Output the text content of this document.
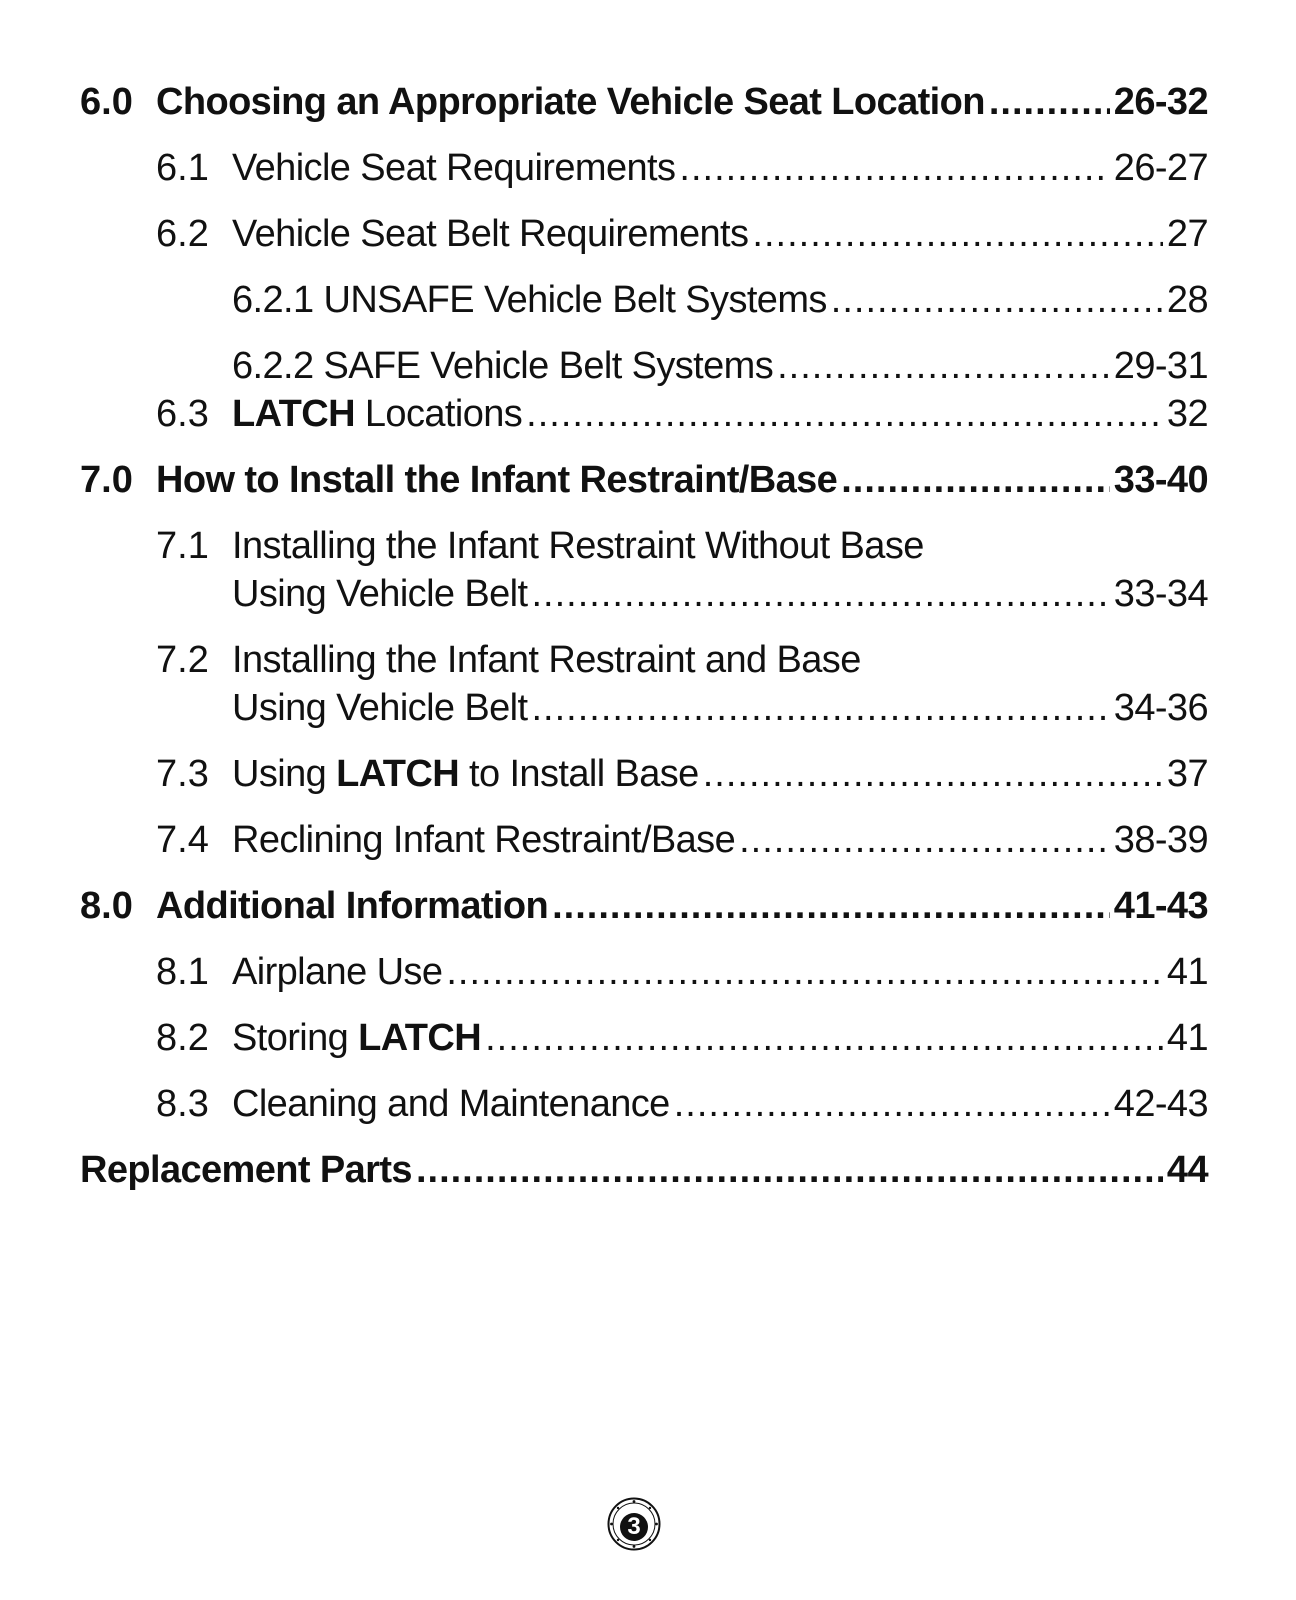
6.0 Choosing an Appropriate Vehicle Seat Location .....	26-32
6.1 Vehicle Seat Requirements .....	26-27
6.2 Vehicle Seat Belt Requirements .....	27
6.2.1 UNSAFE Vehicle Belt Systems .....	28
6.2.2 SAFE Vehicle Belt Systems .....	29-31
6.3 LATCH Locations .....	32
7.0 How to Install the Infant Restraint/Base .....	33-40
7.1 Installing the Infant Restraint Without Base
Using Vehicle Belt .....	33-34
7.2 Installing the Infant Restraint and Base
Using Vehicle Belt .....	34-36
7.3 Using LATCH to Install Base .....	37
7.4 Reclining Infant Restraint/Base .....	38-39
8.0 Additional Information .....	41-43
8.1 Airplane Use .....	41
8.2 Storing LATCH .....	41
8.3 Cleaning and Maintenance .....	42-43
Replacement Parts .....	44
3
